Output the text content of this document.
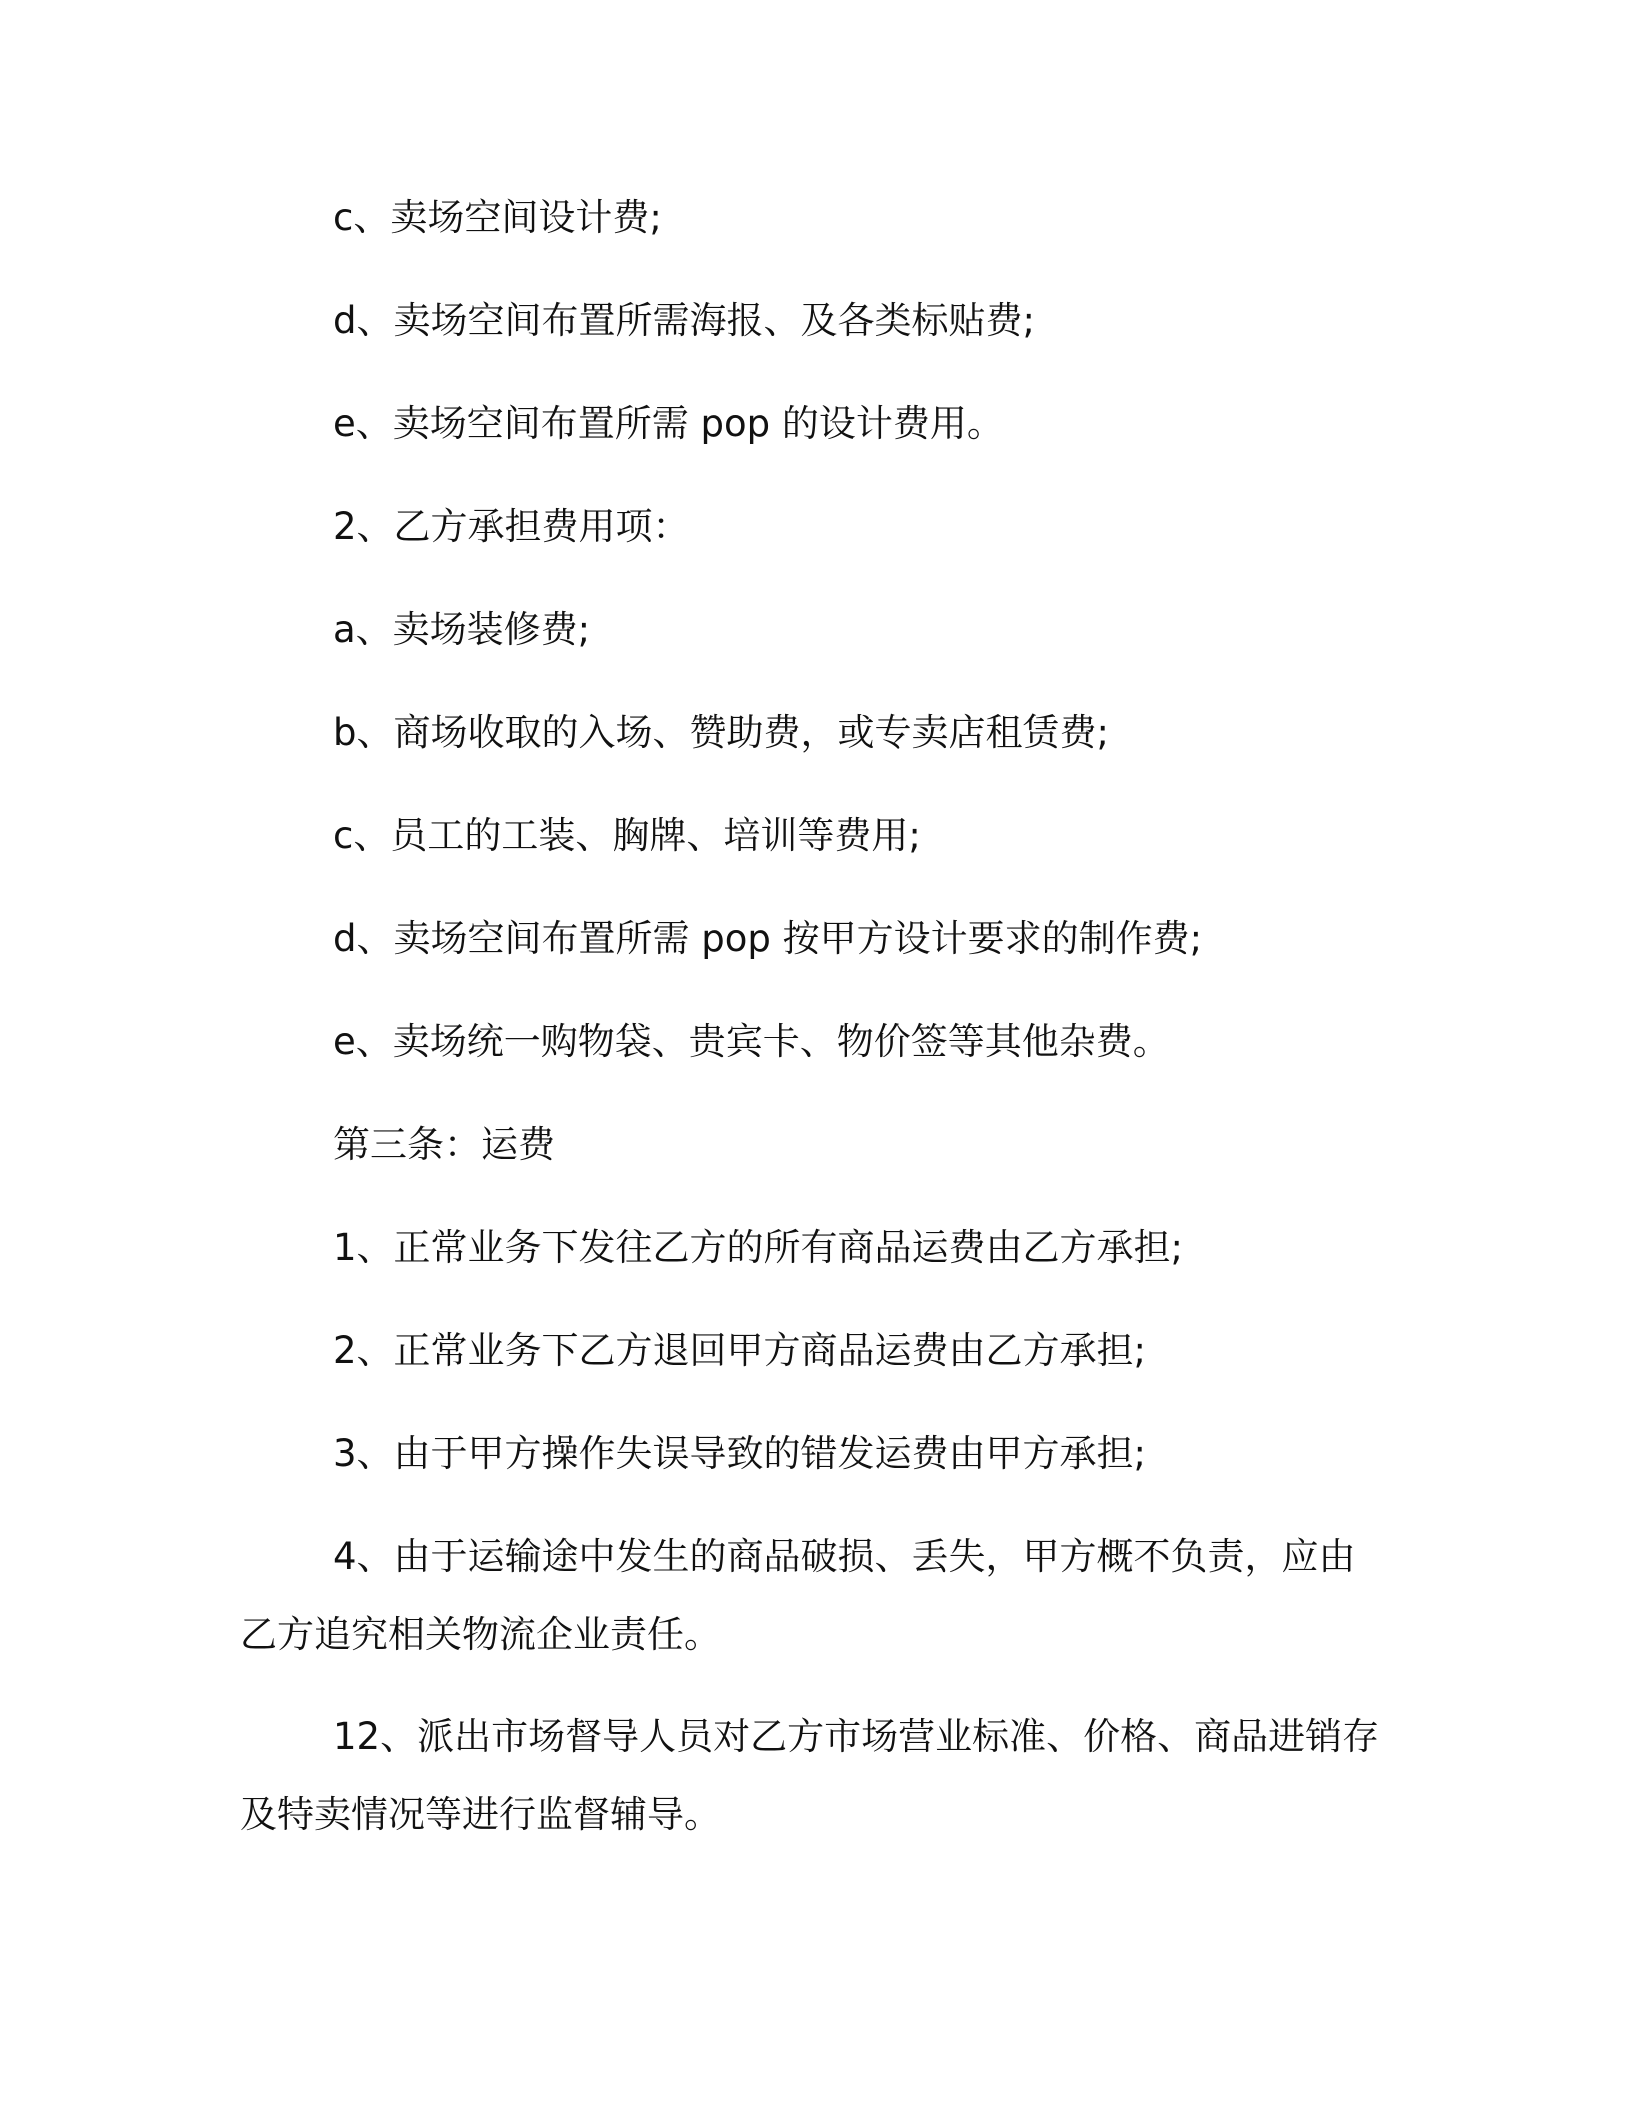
c、卖场空间设计费;

d、卖场空间布置所需海报、及各类标贴费;

e、卖场空间布置所需 pop 的设计费用。

2、乙方承担费用项：

a、卖场装修费;

b、商场收取的入场、赞助费，或专卖店租赁费;

c、员工的工装、胸牌、培训等费用;

d、卖场空间布置所需 pop 按甲方设计要求的制作费;

e、卖场统一购物袋、贵宾卡、物价签等其他杂费。

第三条：运费

1、正常业务下发往乙方的所有商品运费由乙方承担;

2、正常业务下乙方退回甲方商品运费由乙方承担;

3、由于甲方操作失误导致的错发运费由甲方承担;

4、由于运输途中发生的商品破损、丢失，甲方概不负责，应由

乙方追究相关物流企业责任。

12、派出市场督导人员对乙方市场营业标准、价格、商品进销存

及特卖情况等进行监督辅导。
